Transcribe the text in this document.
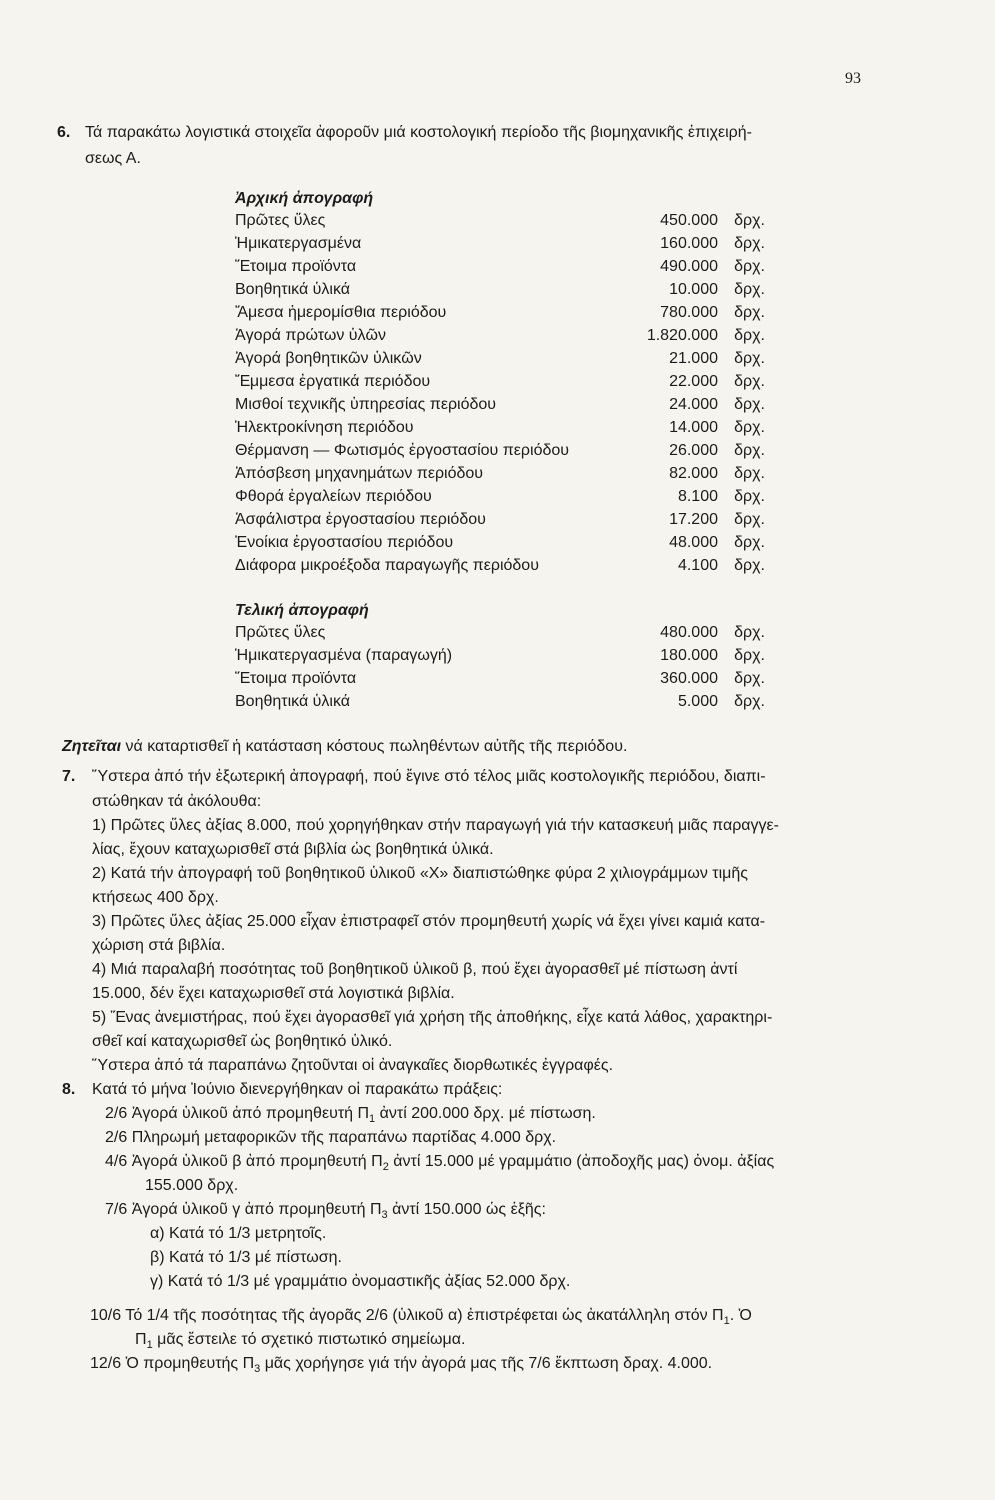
93
6. Τά παρακάτω λογιστικά στοιχεῖα ἀφοροῦν μιά κοστολογική περίοδο τῆς βιομηχανικῆς ἐπιχειρή-
σεως Α.
Ἀρχική ἀπογραφή
Πρῶτες ὕλες	450.000 δρχ.
Ἡμικατεργασμένα	160.000 δρχ.
Ἕτοιμα προϊόντα	490.000 δρχ.
Βοηθητικά ὑλικά	10.000 δρχ.
Ἄμεσα ἡμερομίσθια περιόδου	780.000 δρχ.
Ἀγορά πρώτων ὑλῶν	1.820.000 δρχ.
Ἀγορά βοηθητικῶν ὑλικῶν	21.000 δρχ.
Ἔμμεσα ἐργατικά περιόδου	22.000 δρχ.
Μισθοί τεχνικῆς ὑπηρεσίας περιόδου	24.000 δρχ.
Ἡλεκτροκίνηση περιόδου	14.000 δρχ.
Θέρμανση — Φωτισμός ἐργοστασίου περιόδου	26.000 δρχ.
Ἀπόσβεση μηχανημάτων περιόδου	82.000 δρχ.
Φθορά ἐργαλείων περιόδου	8.100 δρχ.
Ἀσφάλιστρα ἐργοστασίου περιόδου	17.200 δρχ.
Ἐνοίκια ἐργοστασίου περιόδου	48.000 δρχ.
Διάφορα μικροέξοδα παραγωγῆς περιόδου	4.100 δρχ.
Τελική ἀπογραφή
Πρῶτες ὕλες	480.000 δρχ.
Ἡμικατεργασμένα (παραγωγή)	180.000 δρχ.
Ἕτοιμα προϊόντα	360.000 δρχ.
Βοηθητικά ὑλικά	5.000 δρχ.
Ζητεῖται νά καταρτισθεῖ ἡ κατάσταση κόστους πωληθέντων αὐτῆς τῆς περιόδου.
7. Ὕστερα ἀπό τήν ἐξωτερική ἀπογραφή, πού ἔγινε στό τέλος μιᾶς κοστολογικῆς περιόδου, διαπι-
στώθηκαν τά ἀκόλουθα:
1) Πρῶτες ὕλες ἀξίας 8.000, πού χορηγήθηκαν στήν παραγωγή γιά τήν κατασκευή μιᾶς παραγγε-
λίας, ἔχουν καταχωρισθεῖ στά βιβλία ὡς βοηθητικά ὑλικά.
2) Κατά τήν ἀπογραφή τοῦ βοηθητικοῦ ὑλικοῦ «Χ» διαπιστώθηκε φύρα 2 χιλιογράμμων τιμῆς
κτήσεως 400 δρχ.
3) Πρῶτες ὕλες ἀξίας 25.000 εἶχαν ἐπιστραφεῖ στόν προμηθευτή χωρίς νά ἔχει γίνει καμιά κατα-
χώριση στά βιβλία.
4) Μιά παραλαβή ποσότητας τοῦ βοηθητικοῦ ὑλικοῦ β, πού ἔχει ἀγορασθεῖ μέ πίστωση ἀντί
15.000, δέν ἔχει καταχωρισθεῖ στά λογιστικά βιβλία.
5) Ἕνας ἀνεμιστήρας, πού ἔχει ἀγορασθεῖ γιά χρήση τῆς ἀποθήκης, εἶχε κατά λάθος, χαρακτηρι-
σθεῖ καί καταχωρισθεῖ ὡς βοηθητικό ὑλικό.
Ὕστερα ἀπό τά παραπάνω ζητοῦνται οἱ ἀναγκαῖες διορθωτικές ἐγγραφές.
8. Κατά τό μήνα Ἰούνιο διενεργήθηκαν οἱ παρακάτω πράξεις:
2/6 Ἀγορά ὑλικοῦ ἀπό προμηθευτή $\Pi_1$ ἀντί 200.000 δρχ. μέ πίστωση.
2/6 Πληρωμή μεταφορικῶν τῆς παραπάνω παρτίδας 4.000 δρχ.
4/6 Ἀγορά ὑλικοῦ β ἀπό προμηθευτή $\Pi_2$ ἀντί 15.000 μέ γραμμάτιο (ἀποδοχῆς μας) ὀνομ. ἀξίας
155.000 δρχ.
7/6 Ἀγορά ὑλικοῦ γ ἀπό προμηθευτή $\Pi_3$ ἀντί 150.000 ὡς ἑξῆς:
α) Κατά τό 1/3 μετρητοῖς.
β) Κατά τό 1/3 μέ πίστωση.
γ) Κατά τό 1/3 μέ γραμμάτιο ὀνομαστικῆς ἀξίας 52.000 δρχ.
10/6 Τό 1/4 τῆς ποσότητας τῆς ἀγορᾶς 2/6 (ὑλικοῦ α) ἐπιστρέφεται ὡς ἀκατάλληλη στόν $\Pi_1$. Ὁ
$\Pi_1$ μᾶς ἔστειλε τό σχετικό πιστωτικό σημείωμα.
12/6 Ὁ προμηθευτής $\Pi_3$ μᾶς χορήγησε γιά τήν ἀγορά μας τῆς 7/6 ἔκπτωση δραχ. 4.000.
